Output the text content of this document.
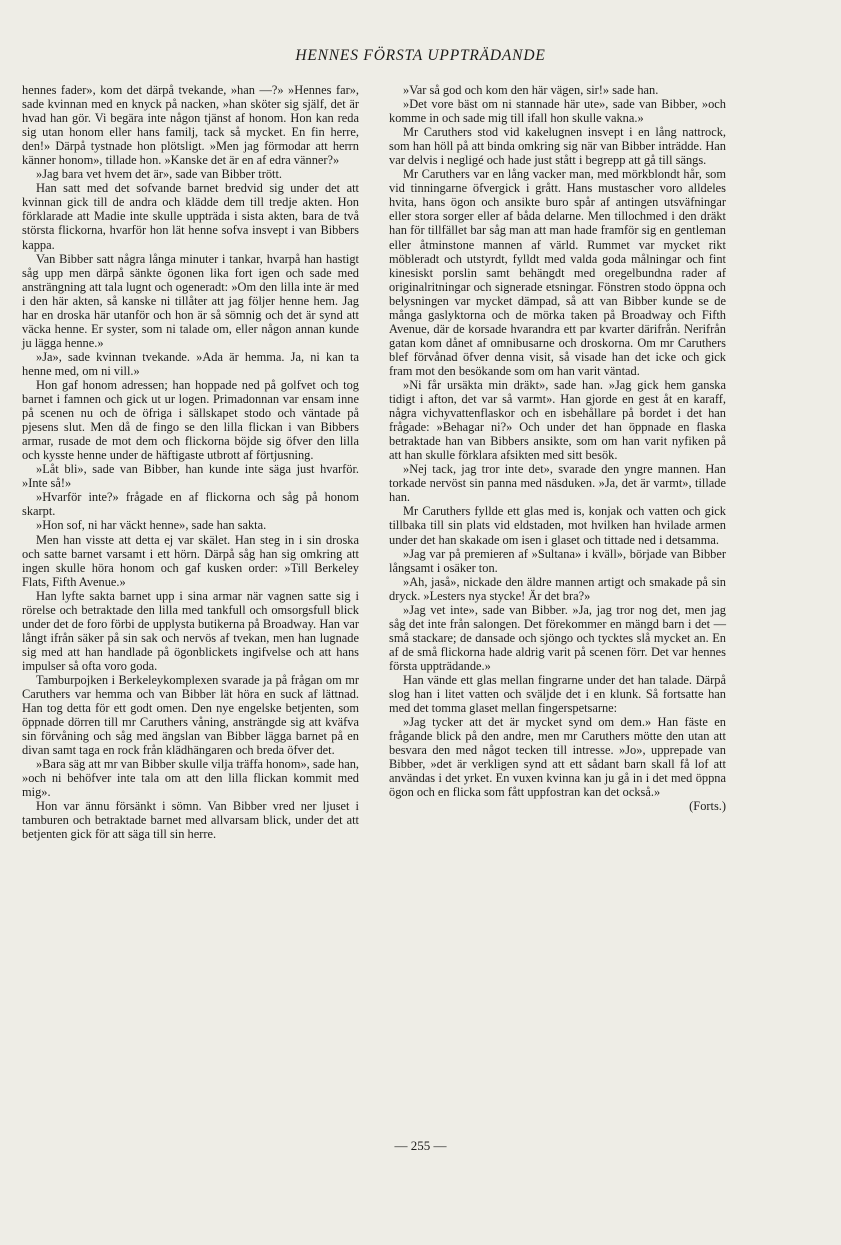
HENNES FÖRSTA UPPTRÄDANDE

hennes fader», kom det därpå tvekande, »han —?» »Hennes far», sade kvinnan med en knyck på nacken, »han sköter sig själf, det är hvad han gör. Vi begära inte någon tjänst af honom. Hon kan reda sig utan honom eller hans familj, tack så mycket. En fin herre, den!» Därpå tystnade hon plötsligt. »Men jag förmodar att herrn känner honom», tillade hon. »Kanske det är en af edra vänner?»

»Jag bara vet hvem det är», sade van Bibber trött.

Han satt med det sofvande barnet bredvid sig under det att kvinnan gick till de andra och klädde dem till tredje akten. Hon förklarade att Madie inte skulle uppträda i sista akten, bara de två största flickorna, hvarför hon lät henne sofva insvept i van Bibbers kappa.

Van Bibber satt några långa minuter i tankar, hvarpå han hastigt såg upp men därpå sänkte ögonen lika fort igen och sade med ansträngning att tala lugnt och ogeneradt: »Om den lilla inte är med i den här akten, så kanske ni tillåter att jag följer henne hem. Jag har en droska här utanför och hon är så sömnig och det är synd att väcka henne. Er syster, som ni talade om, eller någon annan kunde ju lägga henne.»

»Ja», sade kvinnan tvekande. »Ada är hemma. Ja, ni kan ta henne med, om ni vill.»

Hon gaf honom adressen; han hoppade ned på golfvet och tog barnet i famnen och gick ut ur logen. Primadonnan var ensam inne på scenen nu och de öfriga i sällskapet stodo och väntade på pjesens slut. Men då de fingo se den lilla flickan i van Bibbers armar, rusade de mot dem och flickorna böjde sig öfver den lilla och kysste henne under de häftigaste utbrott af förtjusning.

»Låt bli», sade van Bibber, han kunde inte säga just hvarför. »Inte så!»

»Hvarför inte?» frågade en af flickorna och såg på honom skarpt.

»Hon sof, ni har väckt henne», sade han sakta.

Men han visste att detta ej var skälet. Han steg in i sin droska och satte barnet varsamt i ett hörn. Därpå såg han sig omkring att ingen skulle höra honom och gaf kusken order: »Till Berkeley Flats, Fifth Avenue.»

Han lyfte sakta barnet upp i sina armar när vagnen satte sig i rörelse och betraktade den lilla med tankfull och omsorgsfull blick under det de foro förbi de upplysta butikerna på Broadway. Han var långt ifrån säker på sin sak och nervös af tvekan, men han lugnade sig med att han handlade på ögonblickets ingifvelse och att hans impulser så ofta voro goda.

Tamburpojken i Berkeleykomplexen svarade ja på frågan om mr Caruthers var hemma och van Bibber lät höra en suck af lättnad. Han tog detta för ett godt omen. Den nye engelske betjenten, som öppnade dörren till mr Caruthers våning, ansträngde sig att kväfva sin förvåning och såg med ängslan van Bibber lägga barnet på en divan samt taga en rock från klädhängaren och breda öfver det.

»Bara säg att mr van Bibber skulle vilja träffa honom», sade han, »och ni behöfver inte tala om att den lilla flickan kommit med mig».

Hon var ännu försänkt i sömn. Van Bibber vred ner ljuset i tamburen och betraktade barnet med allvarsam blick, under det att betjenten gick för att säga till sin herre.

»Var så god och kom den här vägen, sir!» sade han.

»Det vore bäst om ni stannade här ute», sade van Bibber, »och komme in och sade mig till ifall hon skulle vakna.»

Mr Caruthers stod vid kakelugnen insvept i en lång nattrock, som han höll på att binda omkring sig när van Bibber inträdde. Han var delvis i negligé och hade just stått i begrepp att gå till sängs.

Mr Caruthers var en lång vacker man, med mörkblondt hår, som vid tinningarne öfvergick i grått. Hans mustascher voro alldeles hvita, hans ögon och ansikte buro spår af antingen utsväfningar eller stora sorger eller af båda delarne. Men tillochmed i den dräkt han för tillfället bar såg man att man hade framför sig en gentleman eller åtminstone mannen af värld. Rummet var mycket rikt möbleradt och utstyrdt, fylldt med valda goda målningar och fint kinesiskt porslin samt behängdt med oregelbundna rader af originalritningar och signerade etsningar. Fönstren stodo öppna och belysningen var mycket dämpad, så att van Bibber kunde se de många gaslyktorna och de mörka taken på Broadway och Fifth Avenue, där de korsade hvarandra ett par kvarter därifrån. Nerifrån gatan kom dånet af omnibusarne och droskorna. Om mr Caruthers blef förvånad öfver denna visit, så visade han det icke och gick fram mot den besökande som om han varit väntad.

»Ni får ursäkta min dräkt», sade han. »Jag gick hem ganska tidigt i afton, det var så varmt». Han gjorde en gest åt en karaff, några vichyvattenflaskor och en isbehållare på bordet i det han frågade: »Behagar ni?» Och under det han öppnade en flaska betraktade han van Bibbers ansikte, som om han varit nyfiken på att han skulle förklara afsikten med sitt besök.

»Nej tack, jag tror inte det», svarade den yngre mannen. Han torkade nervöst sin panna med näsduken. »Ja, det är varmt», tillade han.

Mr Caruthers fyllde ett glas med is, konjak och vatten och gick tillbaka till sin plats vid eldstaden, mot hvilken han hvilade armen under det han skakade om isen i glaset och tittade ned i detsamma.

»Jag var på premieren af »Sultana» i kväll», började van Bibber långsamt i osäker ton.

»Ah, jaså», nickade den äldre mannen artigt och smakade på sin dryck. »Lesters nya stycke! Är det bra?»

»Jag vet inte», sade van Bibber. »Ja, jag tror nog det, men jag såg det inte från salongen. Det förekommer en mängd barn i det — små stackare; de dansade och sjöngo och tycktes slå mycket an. En af de små flickorna hade aldrig varit på scenen förr. Det var hennes första uppträdande.»

Han vände ett glas mellan fingrarne under det han talade. Därpå slog han i litet vatten och sväljde det i en klunk. Så fortsatte han med det tomma glaset mellan fingerspetsarne:

»Jag tycker att det är mycket synd om dem.» Han fäste en frågande blick på den andre, men mr Caruthers mötte den utan att besvara den med något tecken till intresse. »Jo», upprepade van Bibber, »det är verkligen synd att ett sådant barn skall få lof att användas i det yrket. En vuxen kvinna kan ju gå in i det med öppna ögon och en flicka som fått uppfostran kan det också.»

(Forts.)

— 255 —
